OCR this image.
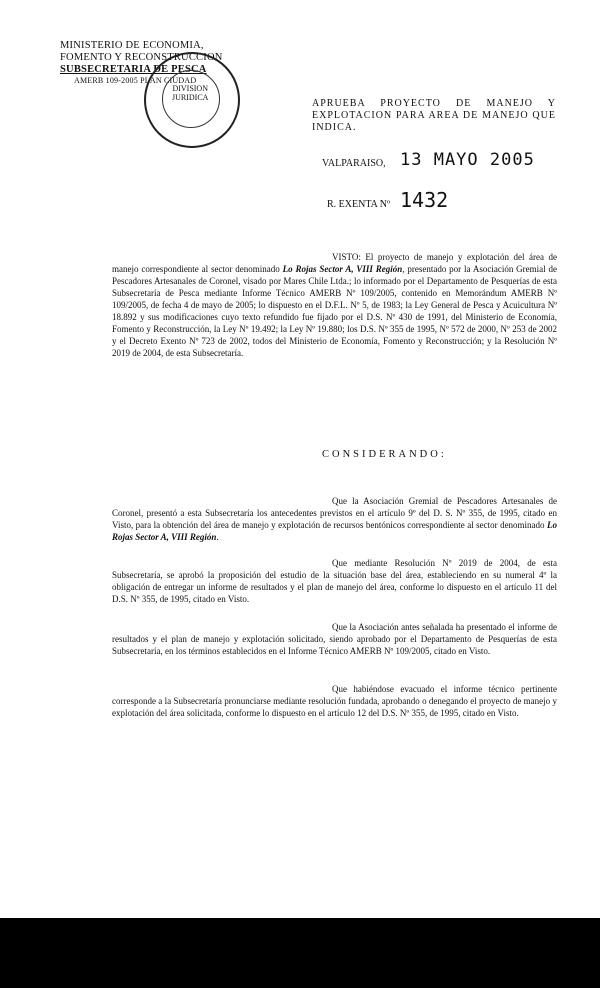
MINISTERIO DE ECONOMIA,
FOMENTO Y RECONSTRUCCION
SUBSECRETARIA DE PESCA
AMERB 109-2005 PLAN CIUDAD
DIVISION
JURIDICA
APRUEBA PROYECTO DE MANEJO Y EXPLOTACION PARA AREA DE MANEJO QUE INDICA.
VALPARAISO, 13 MAYO 2005
R. EXENTA Nº 1432
VISTO: El proyecto de manejo y explotación del área de manejo correspondiente al sector denominado Lo Rojas Sector A, VIII Región, presentado por la Asociación Gremial de Pescadores Artesanales de Coronel, visado por Mares Chile Ltda.; lo informado por el Departamento de Pesquerías de esta Subsecretaría de Pesca mediante Informe Técnico AMERB Nº 109/2005, contenido en Memorándum AMERB Nº 109/2005, de fecha 4 de mayo de 2005; lo dispuesto en el D.F.L. Nº 5, de 1983; la Ley General de Pesca y Acuicultura Nº 18.892 y sus modificaciones cuyo texto refundido fue fijado por el D.S. Nº 430 de 1991, del Ministerio de Economía, Fomento y Reconstrucción, la Ley Nº 19.492; la Ley Nº 19.880; los D.S. Nº 355 de 1995, Nº 572 de 2000, Nº 253 de 2002 y el Decreto Exento Nº 723 de 2002, todos del Ministerio de Economía, Fomento y Reconstrucción; y la Resolución Nº 2019 de 2004, de esta Subsecretaría.
CONSIDERANDO:
Que la Asociación Gremial de Pescadores Artesanales de Coronel, presentó a esta Subsecretaría los antecedentes previstos en el artículo 9º del D. S. Nº 355, de 1995, citado en Visto, para la obtención del área de manejo y explotación de recursos bentónicos correspondiente al sector denominado Lo Rojas Sector A, VIII Región.
Que mediante Resolución Nº 2019 de 2004, de esta Subsecretaría, se aprobó la proposición del estudio de la situación base del área, estableciendo en su numeral 4º la obligación de entregar un informe de resultados y el plan de manejo del área, conforme lo dispuesto en el artículo 11 del D.S. Nº 355, de 1995, citado en Visto.
Que la Asociación antes señalada ha presentado el informe de resultados y el plan de manejo y explotación solicitado, siendo aprobado por el Departamento de Pesquerías de esta Subsecretaría, en los términos establecidos en el Informe Técnico AMERB Nº 109/2005, citado en Visto.
Que habiéndose evacuado el informe técnico pertinente corresponde a la Subsecretaría pronunciarse mediante resolución fundada, aprobando o denegando el proyecto de manejo y explotación del área solicitada, conforme lo dispuesto en el artículo 12 del D.S. Nº 355, de 1995, citado en Visto.
